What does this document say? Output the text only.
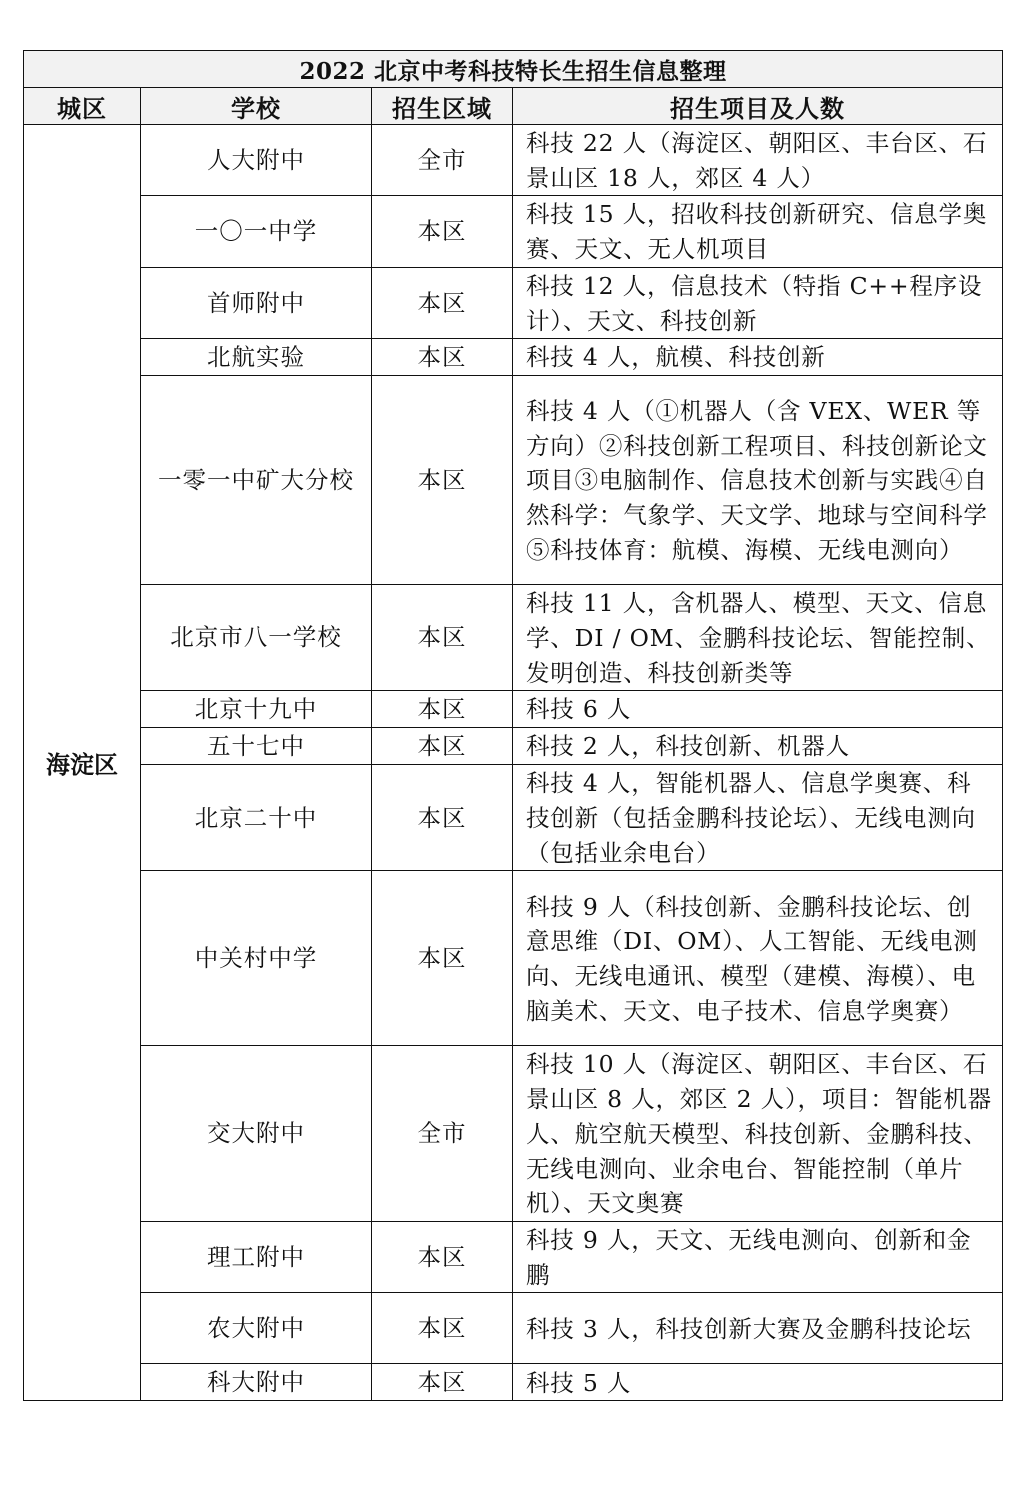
2022 北京中考科技特长生招生信息整理			
城区	学校	招生区域	招生项目及人数
海淀区	人大附中	全市	科技 22 人（海淀区、朝阳区、丰台区、石景山区 18 人，郊区 4 人）
	一〇一中学	本区	科技 15 人，招收科技创新研究、信息学奥赛、天文、无人机项目
	首师附中	本区	科技 12 人，信息技术（特指 C++程序设计）、天文、科技创新
	北航实验	本区	科技 4 人，航模、科技创新
	一零一中矿大分校	本区	科技 4 人（①机器人（含 VEX、WER 等方向）②科技创新工程项目、科技创新论文项目③电脑制作、信息技术创新与实践④自然科学：气象学、天文学、地球与空间科学⑤科技体育：航模、海模、无线电测向）
	北京市八一学校	本区	科技 11 人，含机器人、模型、天文、信息学、DI / OM、金鹏科技论坛、智能控制、发明创造、科技创新类等
	北京十九中	本区	科技 6 人
	五十七中	本区	科技 2 人，科技创新、机器人
	北京二十中	本区	科技 4 人，智能机器人、信息学奥赛、科技创新（包括金鹏科技论坛）、无线电测向（包括业余电台）
	中关村中学	本区	科技 9 人（科技创新、金鹏科技论坛、创意思维（DI、OM）、人工智能、无线电测向、无线电通讯、模型（建模、海模）、电脑美术、天文、电子技术、信息学奥赛）
	交大附中	全市	科技 10 人（海淀区、朝阳区、丰台区、石景山区 8 人，郊区 2 人），项目：智能机器人、航空航天模型、科技创新、金鹏科技、无线电测向、业余电台、智能控制（单片机）、天文奥赛
	理工附中	本区	科技 9 人，天文、无线电测向、创新和金鹏
	农大附中	本区	科技 3 人，科技创新大赛及金鹏科技论坛
	科大附中	本区	科技 5 人
